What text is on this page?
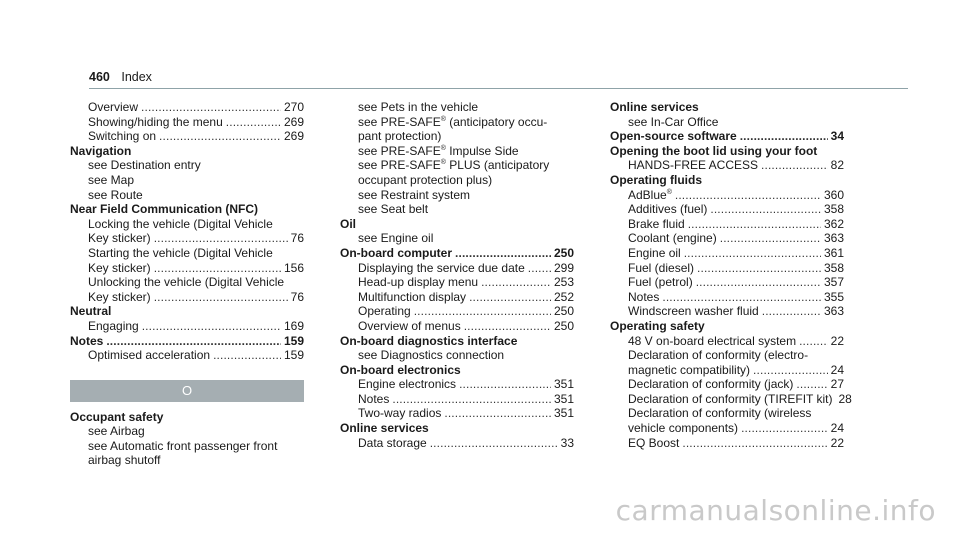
460 Index
Overview . . .	270
Showing/hiding the menu . . .	269
Switching on . . .	269
Navigation
see Destination entry
see Map
see Route
Near Field Communication (NFC)
Locking the vehicle (Digital Vehicle
Key sticker) . . .	76
Starting the vehicle (Digital Vehicle
Key sticker) . . .	156
Unlocking the vehicle (Digital Vehicle
Key sticker) . . .	76
Neutral
Engaging . . .	169
Notes . . .	159
Optimised acceleration . . .	159
O
Occupant safety
see Airbag
see Automatic front passenger front
airbag shutoff
see Pets in the vehicle
see PRE-SAFE® (anticipatory occu-
pant protection)
see PRE-SAFE® Impulse Side
see PRE-SAFE® PLUS (anticipatory
occupant protection plus)
see Restraint system
see Seat belt
Oil
see Engine oil
On-board computer . . .	250
Displaying the service due date . . . 299
Head-up display menu . . .	253
Multifunction display . . .	252
Operating . . .	250
Overview of menus . . .	250
On-board diagnostics interface
see Diagnostics connection
On-board electronics
Engine electronics . . .	351
Notes . . .	351
Two-way radios . . .	351
Online services
Data storage . . .	33
Online services
see In-Car Office
Open-source software . . .	34
Opening the boot lid using your foot
HANDS-FREE ACCESS . . .	82
Operating fluids
AdBlue® . . .	360
Additives (fuel) . . .	358
Brake fluid . . .	362
Coolant (engine) . . .	363
Engine oil . . .	361
Fuel (diesel) . . .	358
Fuel (petrol) . . .	357
Notes . . .	355
Windscreen washer fluid . . .	363
Operating safety
48 V on-board electrical system . . .	22
Declaration of conformity (electro-
magnetic compatibility) . . .	24
Declaration of conformity (jack) . . .	27
Declaration of conformity (TIREFIT kit) 28
Declaration of conformity (wireless
vehicle components) . . .	24
EQ Boost . . .	22
carmanualsonline.info
